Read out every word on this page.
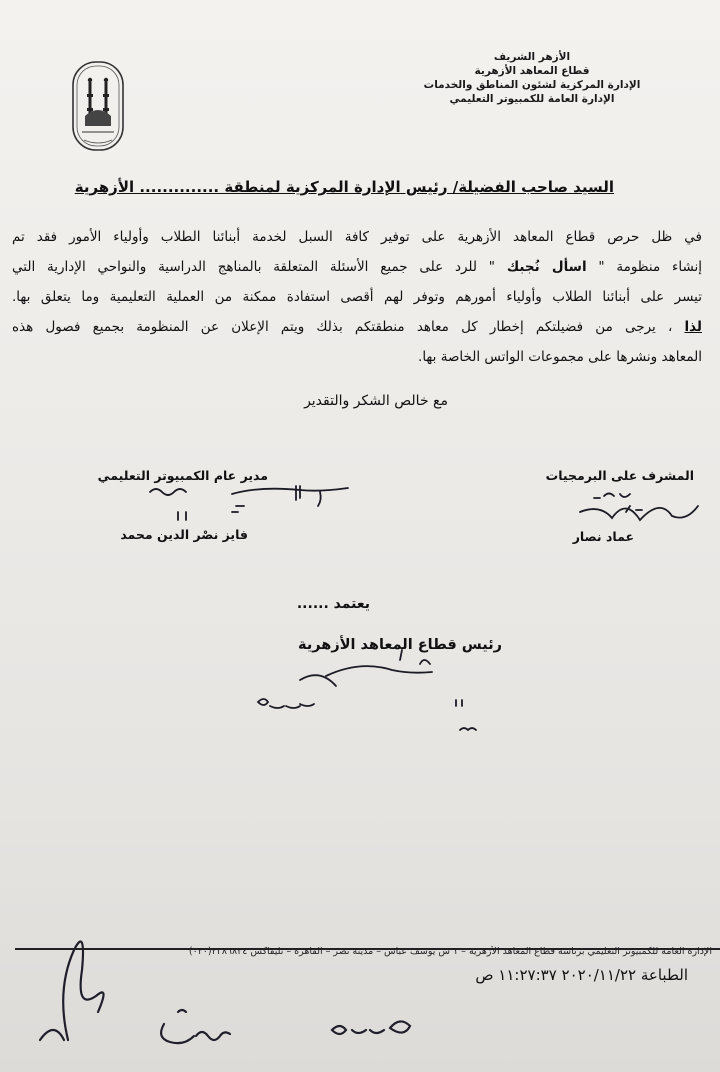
الأزهر الشريف
قطاع المعاهد الأزهرية
الإدارة المركزية لشئون المناطق والخدمات
الإدارة العامة للكمبيوتر التعليمي
السيد صاحب الفضيلة/ رئيس الإدارة المركزية لمنطقة .............. الأزهرية
في ظل حرص قطاع المعاهد الأزهرية على توفير كافة السبل لخدمة أبنائنا الطلاب وأولياء الأمور فقد تم
إنشاء منظومة " اسأل نُجبك " للرد على جميع الأسئلة المتعلقة بالمناهج الدراسية والنواحي الإدارية التي
تيسر على أبنائنا الطلاب وأولياء أمورهم وتوفر لهم أقصى استفادة ممكنة من العملية التعليمية وما يتعلق بها.
لذا ، يرجى من فضيلتكم إخطار كل معاهد منطقتكم بذلك ويتم الإعلان عن المنظومة بجميع فصول هذه
المعاهد ونشرها على مجموعات الواتس الخاصة بها.
مع خالص الشكر والتقدير
مدير عام الكمبيوتر التعليمي
فايز نصْر الدين محمد
المشرف على البرمجيات
عماد نصار
يعتمد ......
رئيس قطاع المعاهد الأزهرية
الإدارة العامة للكمبيوتر التعليمي برئاسة قطاع المعاهد الأزهرية – ١ ش يوسف عباس – مدينة نصر – القاهرة – تليفاكس ٢٣٨٦٨٢٤(٠٢٠)
الطباعة ٢٠٢٠/١١/٢٢ ١١:٢٧:٣٧ ص
